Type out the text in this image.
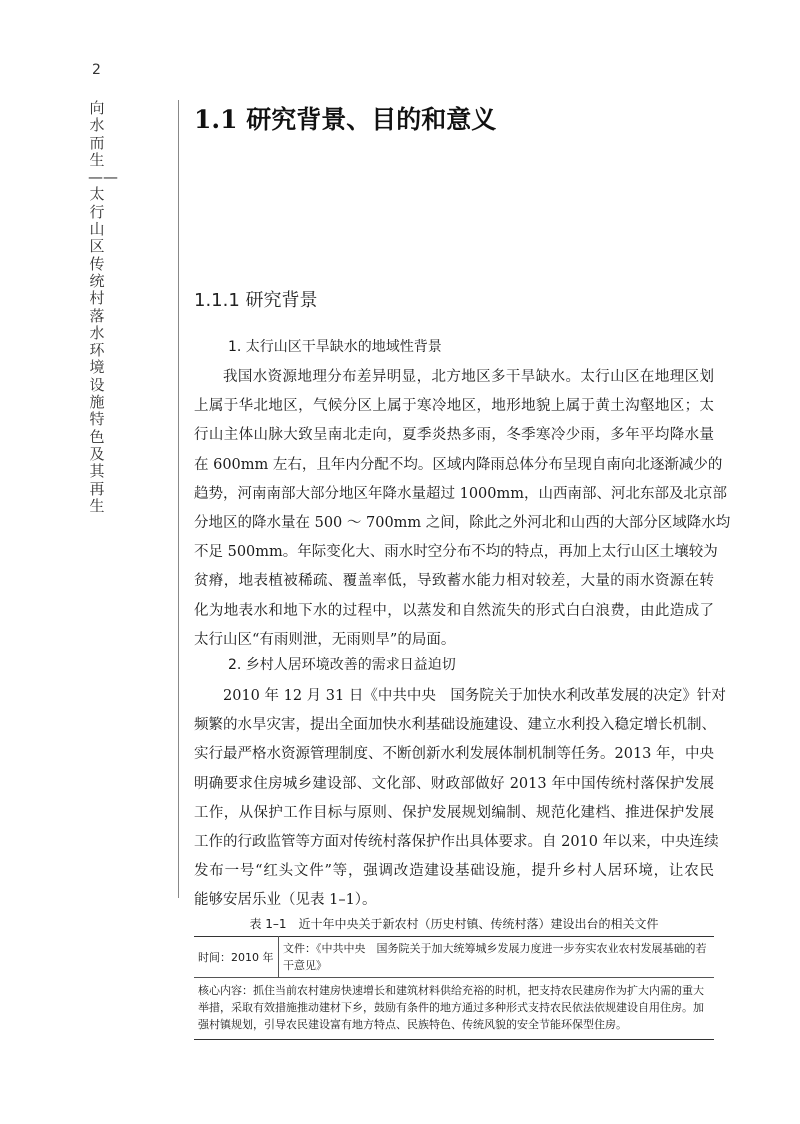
2
向水而生——太行山区传统村落水环境设施特色及其再生
1.1 研究背景、目的和意义
1.1.1 研究背景

1. 太行山区干旱缺水的地域性背景

我国水资源地理分布差异明显，北方地区多干旱缺水。太行山区在地理区划
上属于华北地区，气候分区上属于寒冷地区，地形地貌上属于黄土沟壑地区；太
行山主体山脉大致呈南北走向，夏季炎热多雨，冬季寒冷少雨，多年平均降水量
在 600mm 左右，且年内分配不均。区域内降雨总体分布呈现自南向北逐渐减少的
趋势，河南南部大部分地区年降水量超过 1000mm，山西南部、河北东部及北京部
分地区的降水量在 500 ～ 700mm 之间，除此之外河北和山西的大部分区域降水均
不足 500mm。年际变化大、雨水时空分布不均的特点，再加上太行山区土壤较为
贫瘠，地表植被稀疏、覆盖率低，导致蓄水能力相对较差，大量的雨水资源在转
化为地表水和地下水的过程中，以蒸发和自然流失的形式白白浪费，由此造成了
太行山区“有雨则泄，无雨则旱”的局面。

2. 乡村人居环境改善的需求日益迫切

2010 年 12 月 31 日《中共中央　国务院关于加快水利改革发展的决定》针对
频繁的水旱灾害，提出全面加快水利基础设施建设、建立水利投入稳定增长机制、
实行最严格水资源管理制度、不断创新水利发展体制机制等任务。2013 年，中央
明确要求住房城乡建设部、文化部、财政部做好 2013 年中国传统村落保护发展
工作，从保护工作目标与原则、保护发展规划编制、规范化建档、推进保护发展
工作的行政监管等方面对传统村落保护作出具体要求。自 2010 年以来，中央连续
发布一号“红头文件”等，强调改造建设基础设施，提升乡村人居环境，让农民
能够安居乐业（见表 1–1）。

表 1–1　近十年中央关于新农村（历史村镇、传统村落）建设出台的相关文件

时间：2010 年	文件：《中共中央　国务院关于加大统筹城乡发展力度进一步夯实农业农村发展基础的若干意见》
核心内容：抓住当前农村建房快速增长和建筑材料供给充裕的时机，把支持农民建房作为扩大内需的重大举措，采取有效措施推动建材下乡，鼓励有条件的地方通过多种形式支持农民依法依规建设自用住房。加强村镇规划，引导农民建设富有地方特点、民族特色、传统风貌的安全节能环保型住房。
